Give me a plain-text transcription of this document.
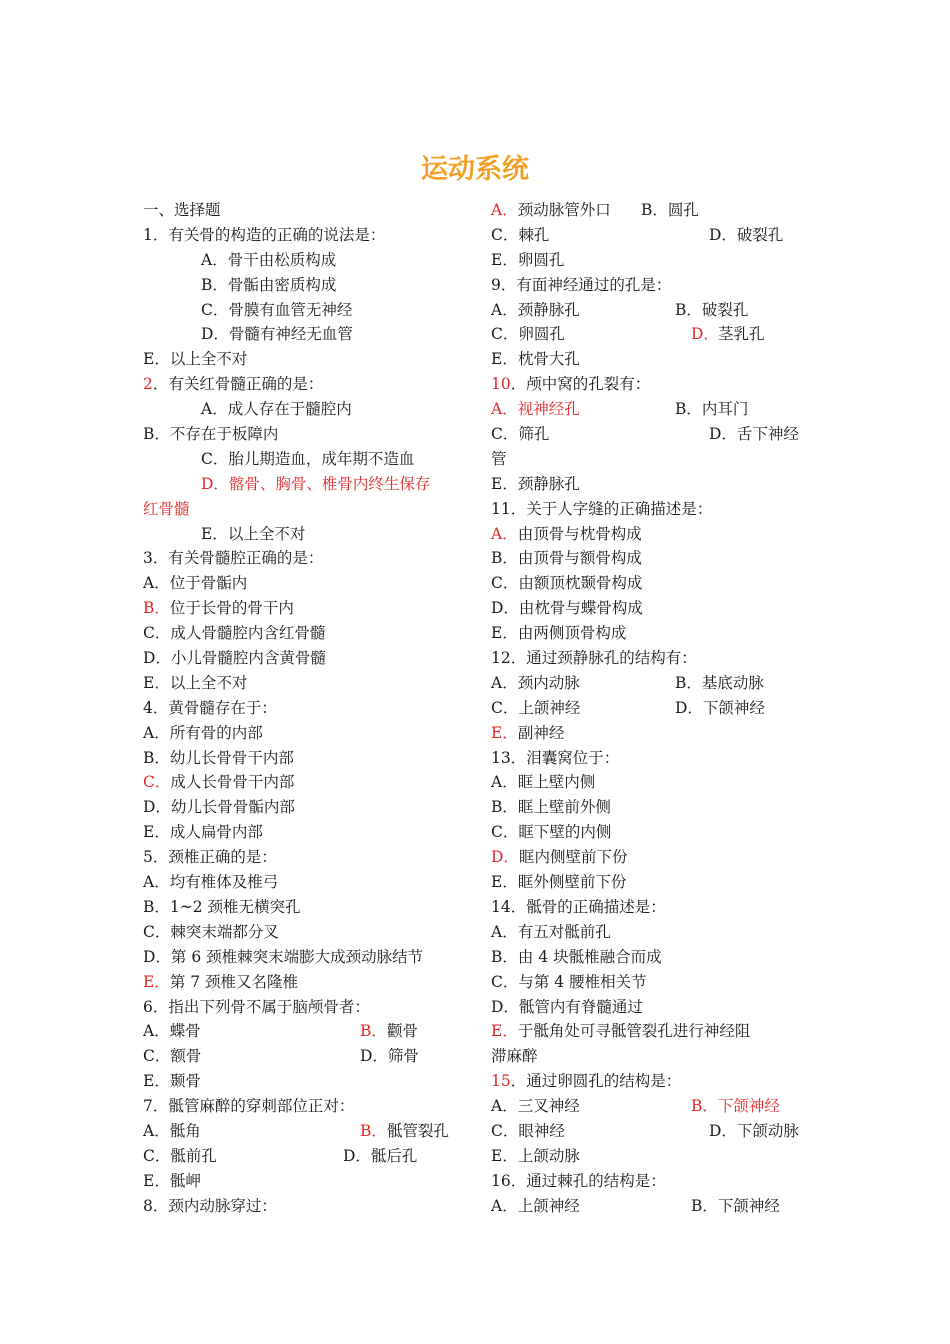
运动系统
一、选择题
1．有关骨的构造的正确的说法是：
A．骨干由松质构成
B．骨骺由密质构成
C．骨膜有血管无神经
D．骨髓有神经无血管
E．以上全不对
2 ．有关红骨髓正确的是：
A．成人存在于髓腔内
B．不存在于板障内
C．胎儿期造血，成年期不造血
D．髂骨、胸骨、椎骨内终生保存
红骨髓
E．以上全不对
3．有关骨髓腔正确的是：
A．位于骨骺内
B． 位于长骨的骨干内
C．成人骨髓腔内含红骨髓
D．小儿骨髓腔内含黄骨髓
E．以上全不对
4．黄骨髓存在于：
A．所有骨的内部
B．幼儿长骨骨干内部
C． 成人长骨骨干内部
D．幼儿长骨骨骺内部
E．成人扁骨内部
5．颈椎正确的是：
A．均有椎体及椎弓
B．1~2 颈椎无横突孔
C．棘突末端都分叉
D．第 6 颈椎棘突末端膨大成颈动脉结节
E． 第 7 颈椎又名隆椎
6．指出下列骨不属于脑颅骨者：
A．蝶骨	B． 颧骨
C．额骨	D．筛骨
E．颞骨
7．骶管麻醉的穿刺部位正对：
A．骶角	B． 骶管裂孔
C．骶前孔	D．骶后孔
E．骶岬
8．颈内动脉穿过：
A． 颈动脉管外口 B．圆孔
C．棘孔	D．破裂孔
E．卵圆孔
9．有面神经通过的孔是：
A．颈静脉孔	B．破裂孔
C．卵圆孔	D． 茎乳孔
E．枕骨大孔
10 ．颅中窝的孔裂有：
A．视神经孔	B．内耳门
C．筛孔	D．舌下神经
管
E．颈静脉孔
11．关于人字缝的正确描述是：
A． 由顶骨与枕骨构成
B．由顶骨与额骨构成
C．由额顶枕颞骨构成
D．由枕骨与蝶骨构成
E．由两侧顶骨构成
12．通过颈静脉孔的结构有：
A．颈内动脉	B．基底动脉
C．上颌神经	D．下颌神经
E． 副神经
13．泪囊窝位于：
A．眶上壁内侧
B．眶上壁前外侧
C．眶下壁的内侧
D． 眶内侧壁前下份
E．眶外侧壁前下份
14．骶骨的正确描述是：
A．有五对骶前孔
B．由 4 块骶椎融合而成
C．与第 4 腰椎相关节
D．骶管内有脊髓通过
E． 于骶角处可寻骶管裂孔进行神经阻
滞麻醉
15 ．通过卵圆孔的结构是：
A．三叉神经	B．下颌神经
C．眼神经	D．下颌动脉
E．上颌动脉
16．通过棘孔的结构是：
A．上颌神经	B．下颌神经
